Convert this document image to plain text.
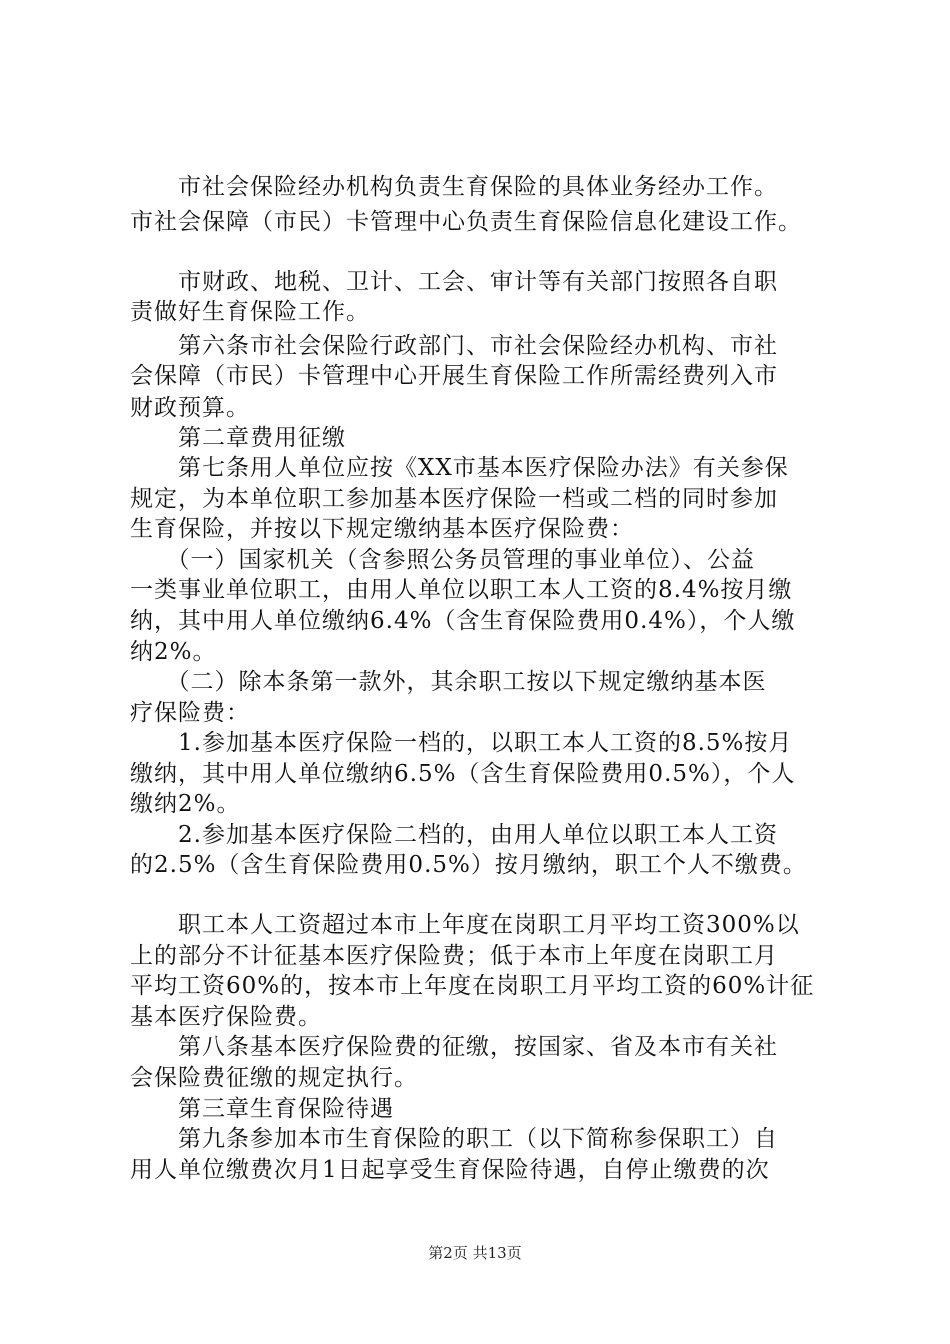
　　市社会保险经办机构负责生育保险的具体业务经办工作。
市社会保障（市民）卡管理中心负责生育保险信息化建设工作。
　　市财政、地税、卫计、工会、审计等有关部门按照各自职
责做好生育保险工作。
　　第六条市社会保险行政部门、市社会保险经办机构、市社
会保障（市民）卡管理中心开展生育保险工作所需经费列入市
财政预算。
　　第二章费用征缴
　　第七条用人单位应按《XX市基本医疗保险办法》有关参保
规定，为本单位职工参加基本医疗保险一档或二档的同时参加
生育保险，并按以下规定缴纳基本医疗保险费：
　　（一）国家机关（含参照公务员管理的事业单位）、公益
一类事业单位职工，由用人单位以职工本人工资的8.4%按月缴
纳，其中用人单位缴纳6.4%（含生育保险费用0.4%），个人缴
纳2%。
　　（二）除本条第一款外，其余职工按以下规定缴纳基本医
疗保险费：
　　1.参加基本医疗保险一档的，以职工本人工资的8.5%按月
缴纳，其中用人单位缴纳6.5%（含生育保险费用0.5%），个人
缴纳2%。
　　2.参加基本医疗保险二档的，由用人单位以职工本人工资
的2.5%（含生育保险费用0.5%）按月缴纳，职工个人不缴费。
　　职工本人工资超过本市上年度在岗职工月平均工资300%以
上的部分不计征基本医疗保险费；低于本市上年度在岗职工月
平均工资60%的，按本市上年度在岗职工月平均工资的60%计征
基本医疗保险费。
　　第八条基本医疗保险费的征缴，按国家、省及本市有关社
会保险费征缴的规定执行。
　　第三章生育保险待遇
　　第九条参加本市生育保险的职工（以下简称参保职工）自
用人单位缴费次月1日起享受生育保险待遇，自停止缴费的次
第2页 共13页
